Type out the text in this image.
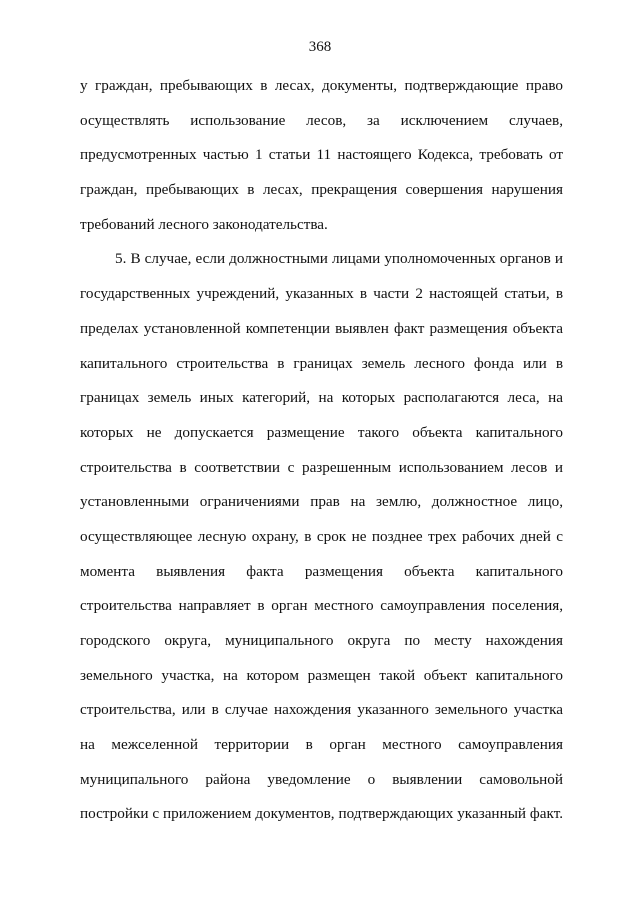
368
у граждан, пребывающих в лесах, документы, подтверждающие право
осуществлять использование лесов, за исключением случаев,
предусмотренных частью 1 статьи 11 настоящего Кодекса, требовать от
граждан, пребывающих в лесах, прекращения совершения нарушения
требований лесного законодательства.
5. В случае, если должностными лицами уполномоченных органов и
государственных учреждений, указанных в части 2 настоящей статьи, в
пределах установленной компетенции выявлен факт размещения объекта
капитального строительства в границах земель лесного фонда или в
границах земель иных категорий, на которых располагаются леса, на
которых не допускается размещение такого объекта капитального
строительства в соответствии с разрешенным использованием лесов и
установленными ограничениями прав на землю, должностное лицо,
осуществляющее лесную охрану, в срок не позднее трех рабочих дней с
момента выявления факта размещения объекта капитального
строительства направляет в орган местного самоуправления поселения,
городского округа, муниципального округа по месту нахождения
земельного участка, на котором размещен такой объект капитального
строительства, или в случае нахождения указанного земельного участка
на межселенной территории в орган местного самоуправления
муниципального района уведомление о выявлении самовольной
постройки с приложением документов, подтверждающих указанный факт.
